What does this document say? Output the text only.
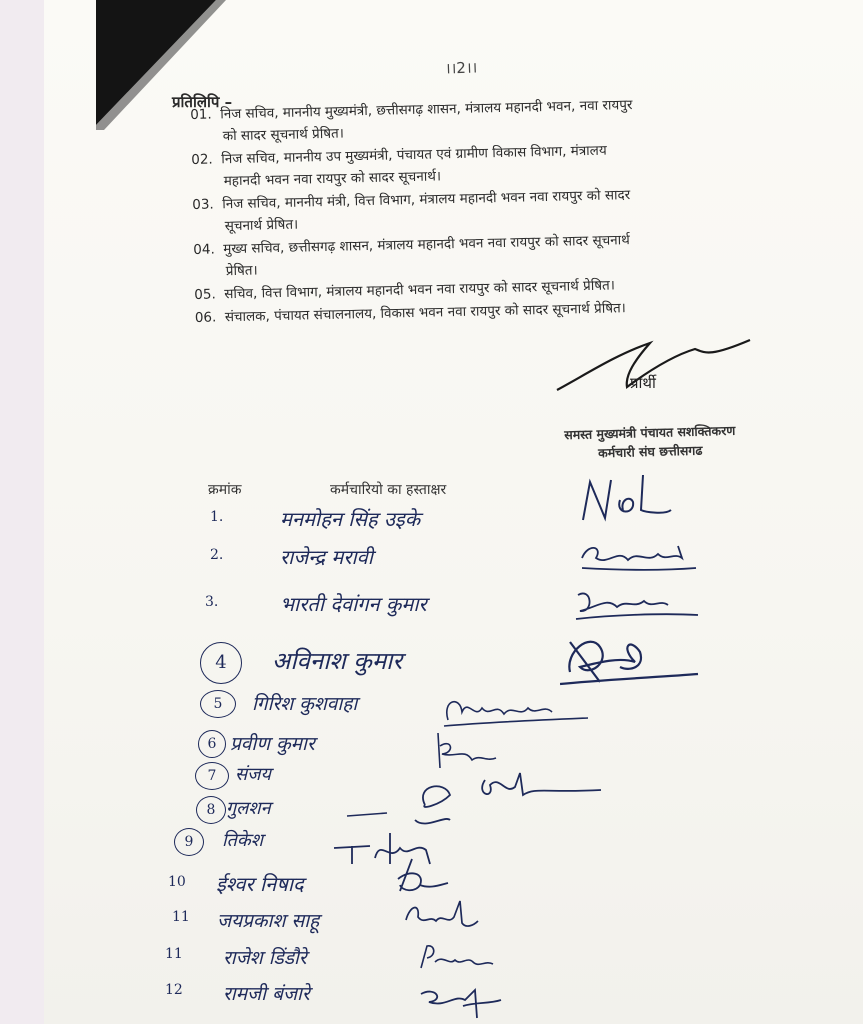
।।2।।
प्रतिलिपि –
01. निज सचिव, माननीय मुख्यमंत्री, छत्तीसगढ़ शासन, मंत्रालय महानदी भवन, नवा रायपुर
को सादर सूचनार्थ प्रेषित।
02. निज सचिव, माननीय उप मुख्यमंत्री, पंचायत एवं ग्रामीण विकास विभाग, मंत्रालय
महानदी भवन नवा रायपुर को सादर सूचनार्थ।
03. निज सचिव, माननीय मंत्री, वित्त विभाग, मंत्रालय महानदी भवन नवा रायपुर को सादर
सूचनार्थ प्रेषित।
04. मुख्य सचिव, छत्तीसगढ़ शासन, मंत्रालय महानदी भवन नवा रायपुर को सादर सूचनार्थ
प्रेषित।
05. सचिव, वित्त विभाग, मंत्रालय महानदी भवन नवा रायपुर को सादर सूचनार्थ प्रेषित।
06. संचालक, पंचायत संचालनालय, विकास भवन नवा रायपुर को सादर सूचनार्थ प्रेषित।
प्रार्थी
समस्त मुख्यमंत्री पंचायत सशक्तिकरण
कर्मचारी संघ छत्तीसगढ
क्रमांक	कर्मचारियो का हस्ताक्षर
1.	मनमोहन सिंह उइके
2.	राजेन्द्र मरावी
3.	भारती देवांगन कुमार
4	अविनाश कुमार
5	गिरिश कुशवाहा
6 प्रवीण कुमार
7	संजय
8 गुलशन
9	तिकेश
10 ईश्वर निषाद
11 जयप्रकाश साहू
11 राजेश डिंडौरे
12 रामजी बंजारे
